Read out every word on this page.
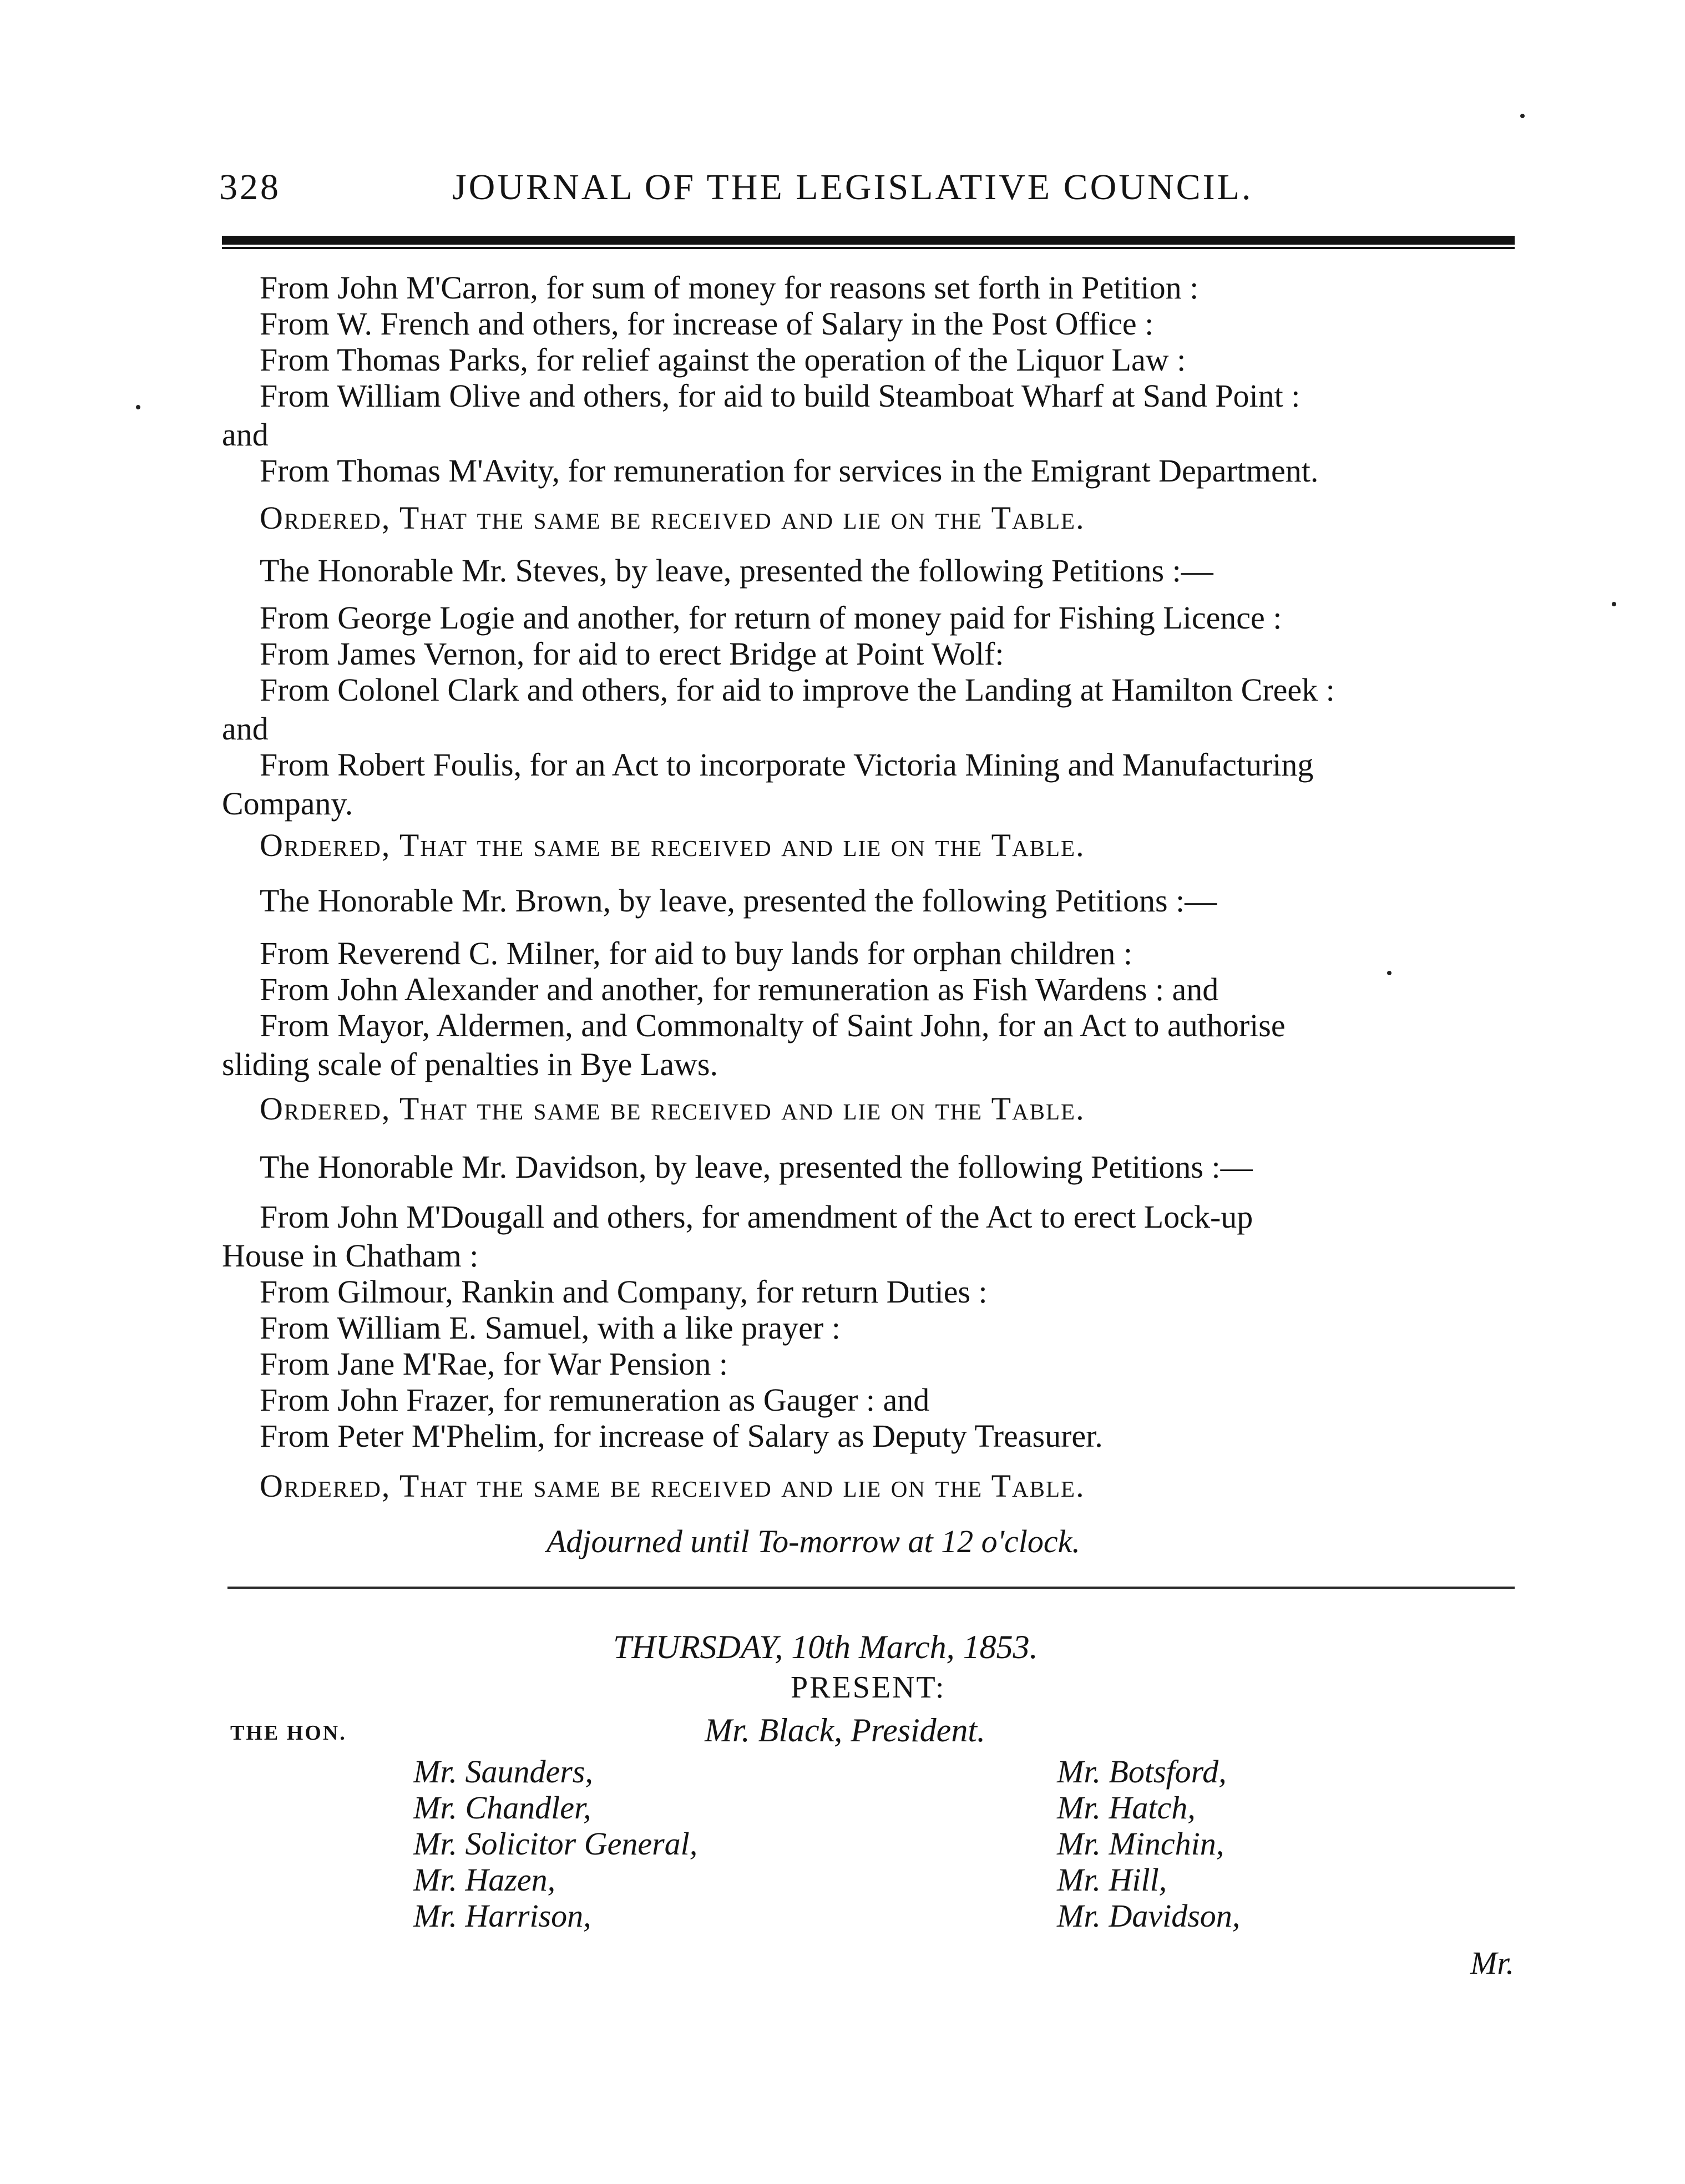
328	JOURNAL OF THE LEGISLATIVE COUNCIL.
From John M'Carron, for sum of money for reasons set forth in Petition :
From W. French and others, for increase of Salary in the Post Office :
From Thomas Parks, for relief against the operation of the Liquor Law :
From William Olive and others, for aid to build Steamboat Wharf at Sand Point :
and
From Thomas M'Avity, for remuneration for services in the Emigrant Department.
Ordered, That the same be received and lie on the Table.
The Honorable Mr. Steves, by leave, presented the following Petitions :—
From George Logie and another, for return of money paid for Fishing Licence :
From James Vernon, for aid to erect Bridge at Point Wolf:
From Colonel Clark and others, for aid to improve the Landing at Hamilton Creek :
and
From Robert Foulis, for an Act to incorporate Victoria Mining and Manufacturing
Company.
Ordered, That the same be received and lie on the Table.
The Honorable Mr. Brown, by leave, presented the following Petitions :—
From Reverend C. Milner, for aid to buy lands for orphan children :
From John Alexander and another, for remuneration as Fish Wardens : and
From Mayor, Aldermen, and Commonalty of Saint John, for an Act to authorise
sliding scale of penalties in Bye Laws.
Ordered, That the same be received and lie on the Table.
The Honorable Mr. Davidson, by leave, presented the following Petitions :—
From John M'Dougall and others, for amendment of the Act to erect Lock-up
House in Chatham :
From Gilmour, Rankin and Company, for return Duties :
From William E. Samuel, with a like prayer :
From Jane M'Rae, for War Pension :
From John Frazer, for remuneration as Gauger : and
From Peter M'Phelim, for increase of Salary as Deputy Treasurer.
Ordered, That the same be received and lie on the Table.
Adjourned until To-morrow at 12 o'clock.
THURSDAY, 10th March, 1853.
PRESENT:
THE HON.	Mr. Black, President.
Mr. Saunders,
Mr. Chandler,
Mr. Solicitor General,
Mr. Hazen,
Mr. Harrison,
Mr. Botsford,
Mr. Hatch,
Mr. Minchin,
Mr. Hill,
Mr. Davidson,
Mr.
